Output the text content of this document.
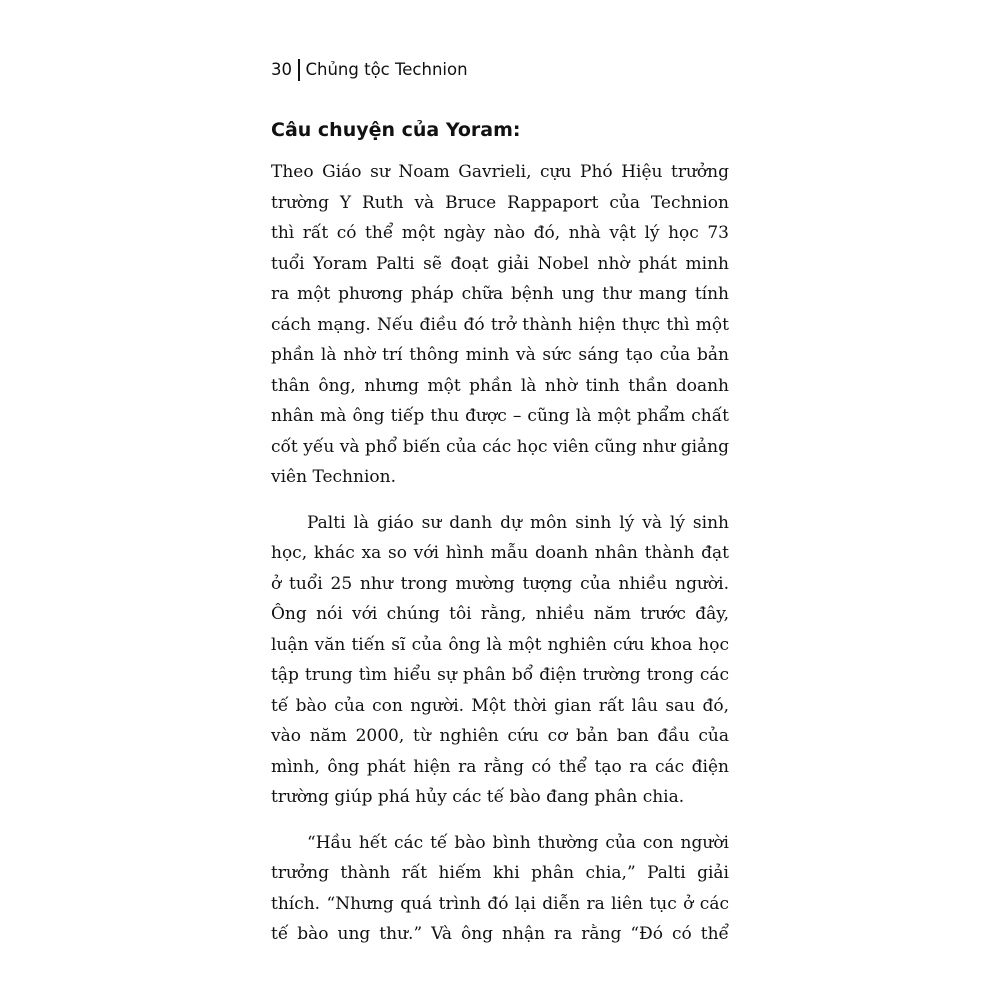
30 Chủng tộc Technion
Câu chuyện của Yoram:
Theo Giáo sư Noam Gavrieli, cựu Phó Hiệu trưởng
trường Y Ruth và Bruce Rappaport của Technion
thì rất có thể một ngày nào đó, nhà vật lý học 73
tuổi Yoram Palti sẽ đoạt giải Nobel nhờ phát minh
ra một phương pháp chữa bệnh ung thư mang tính
cách mạng. Nếu điều đó trở thành hiện thực thì một
phần là nhờ trí thông minh và sức sáng tạo của bản
thân ông, nhưng một phần là nhờ tinh thần doanh
nhân mà ông tiếp thu được – cũng là một phẩm chất
cốt yếu và phổ biến của các học viên cũng như giảng
viên Technion.
Palti là giáo sư danh dự môn sinh lý và lý sinh
học, khác xa so với hình mẫu doanh nhân thành đạt
ở tuổi 25 như trong mường tượng của nhiều người.
Ông nói với chúng tôi rằng, nhiều năm trước đây,
luận văn tiến sĩ của ông là một nghiên cứu khoa học
tập trung tìm hiểu sự phân bổ điện trường trong các
tế bào của con người. Một thời gian rất lâu sau đó,
vào năm 2000, từ nghiên cứu cơ bản ban đầu của
mình, ông phát hiện ra rằng có thể tạo ra các điện
trường giúp phá hủy các tế bào đang phân chia.
“Hầu hết các tế bào bình thường của con người
trưởng thành rất hiếm khi phân chia,” Palti giải
thích. “Nhưng quá trình đó lại diễn ra liên tục ở các
tế bào ung thư.” Và ông nhận ra rằng “Đó có thể
